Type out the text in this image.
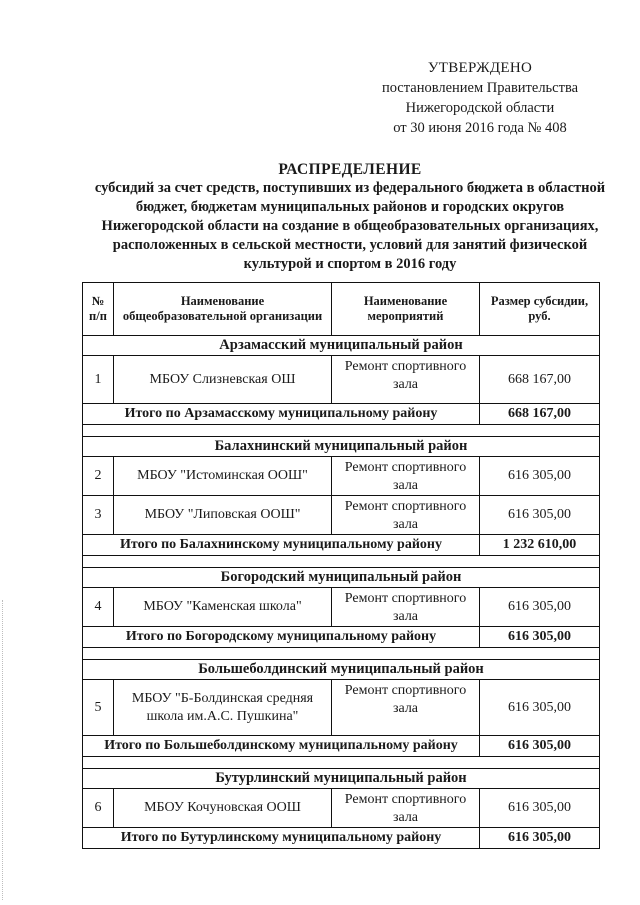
УТВЕРЖДЕНО
постановлением Правительства
Нижегородской области
от 30 июня 2016 года № 408
РАСПРЕДЕЛЕНИЕ
субсидий за счет средств, поступивших из федерального бюджета в областной бюджет, бюджетам муниципальных районов и городских округов Нижегородской области на создание в общеобразовательных организациях, расположенных в сельской местности, условий для занятий физической культурой и спортом в 2016 году
№ п/п	Наименование общеобразовательной организации	Наименование мероприятий	Размер субсидии, руб.
Арзамасский муниципальный район			
1	МБОУ Слизневская ОШ	Ремонт спортивного зала	668 167,00
Итого по Арзамасскому муниципальному району			668 167,00

Балахнинский муниципальный район			
2	МБОУ "Истоминская ООШ"	Ремонт спортивного зала	616 305,00
3	МБОУ "Липовская ООШ"	Ремонт спортивного зала	616 305,00
Итого по Балахнинскому муниципальному району			1 232 610,00

Богородский муниципальный район			
4	МБОУ "Каменская школа"	Ремонт спортивного зала	616 305,00
Итого по Богородскому муниципальному району			616 305,00

Большеболдинский муниципальный район			
5	МБОУ "Б-Болдинская средняя школа им.А.С. Пушкина"	Ремонт спортивного зала	616 305,00
Итого по Большеболдинскому муниципальному району			616 305,00

Бутурлинский муниципальный район			
6	МБОУ Кочуновская ООШ	Ремонт спортивного зала	616 305,00
Итого по Бутурлинскому муниципальному району			616 305,00
